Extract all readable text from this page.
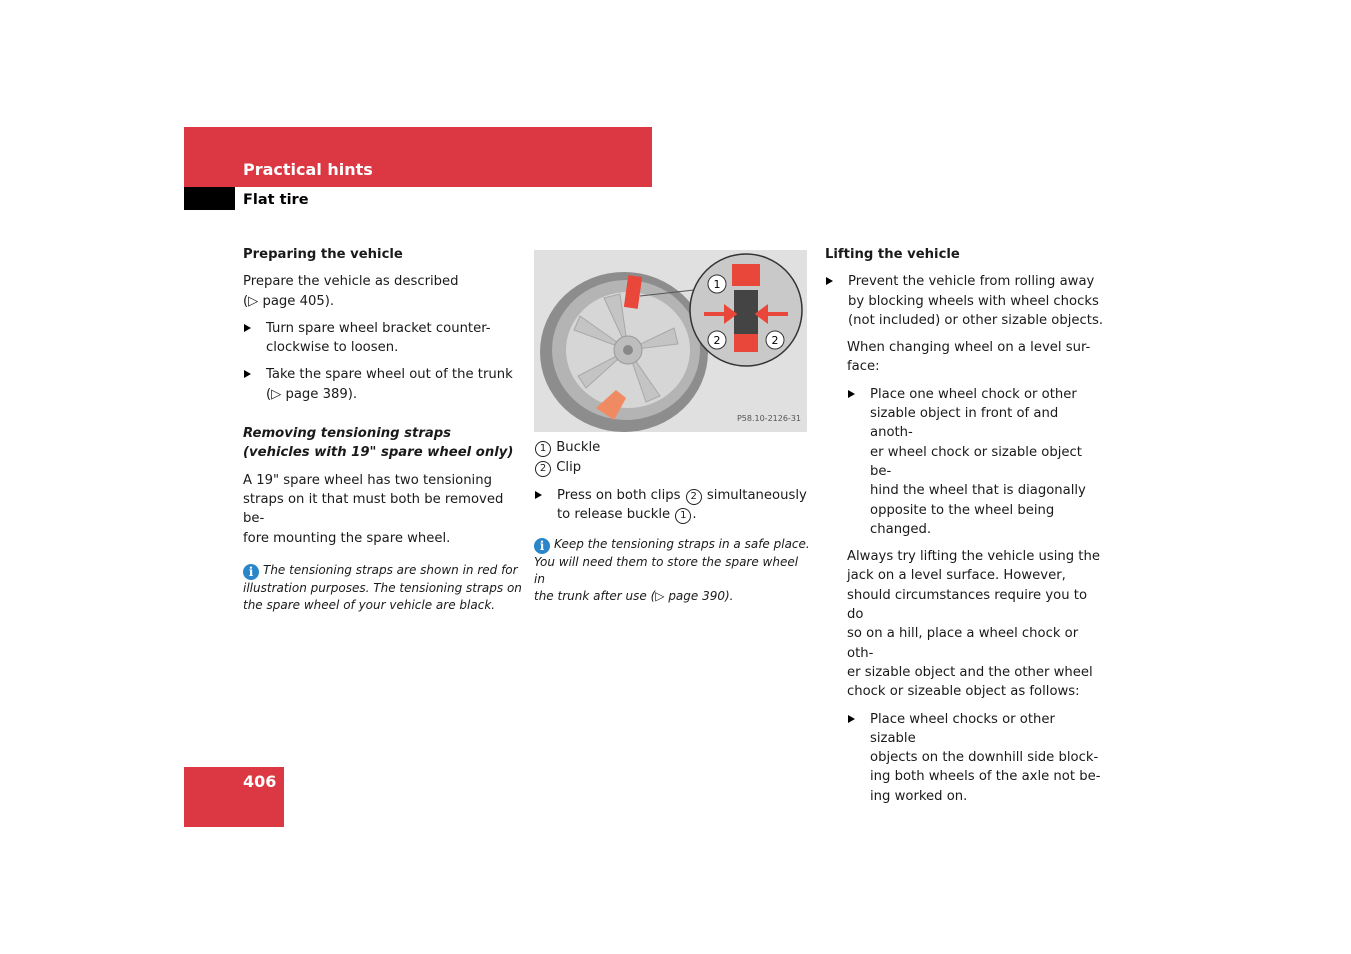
Practical hints
Flat tire
Preparing the vehicle

Prepare the vehicle as described
(▷ page 405).

Turn spare wheel bracket counter-
clockwise to loosen.
Take the spare wheel out of the trunk
(▷ page 389).
Removing tensioning straps
(vehicles with 19" spare wheel only)

A 19" spare wheel has two tensioning
straps on it that must both be removed be-
fore mounting the spare wheel.

i The tensioning straps are shown in red for
illustration purposes. The tensioning straps on
the spare wheel of your vehicle are black.
1
2	2
P58.10-2126-31
1 Buckle
2 Clip
Press on both clips 2 simultaneously
to release buckle 1 .
i Keep the tensioning straps in a safe place.
You will need them to store the spare wheel in
the trunk after use (▷ page 390).
Lifting the vehicle
Prevent the vehicle from rolling away
by blocking wheels with wheel chocks
(not included) or other sizable objects.

When changing wheel on a level sur-
face:

Place one wheel chock or other
sizable object in front of and anoth-
er wheel chock or sizable object be-
hind the wheel that is diagonally
opposite to the wheel being
changed.

Always try lifting the vehicle using the
jack on a level surface. However,
should circumstances require you to do
so on a hill, place a wheel chock or oth-
er sizable object and the other wheel
chock or sizeable object as follows:

Place wheel chocks or other sizable
objects on the downhill side block-
ing both wheels of the axle not be-
ing worked on.
406
